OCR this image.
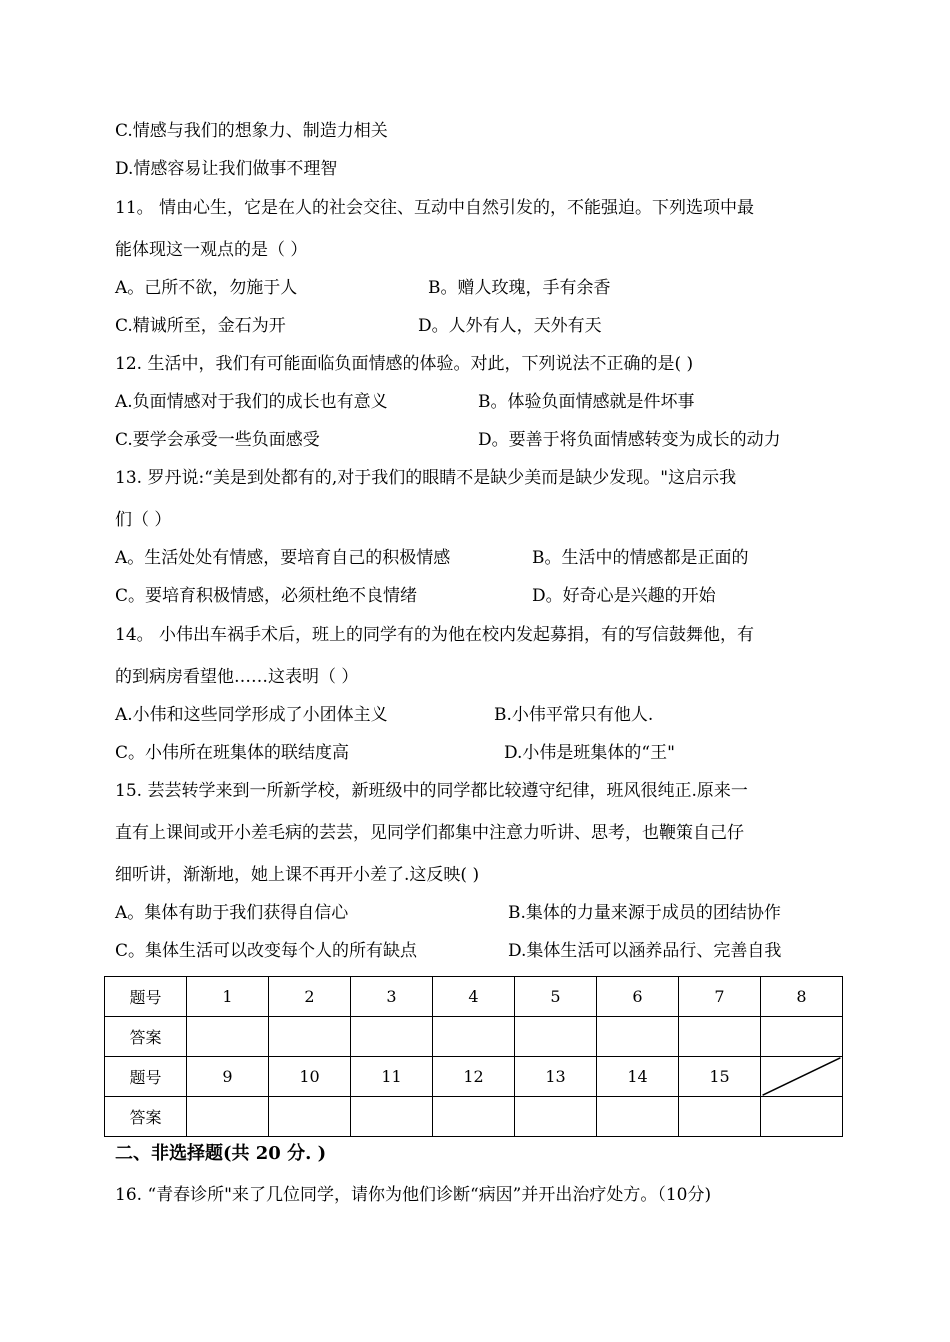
C.情感与我们的想象力、制造力相关
D.情感容易让我们做事不理智
11。 情由心生，它是在人的社会交往、互动中自然引发的，不能强迫。下列选项中最
能体现这一观点的是（ ）
A。己所不欲，勿施于人	B。赠人玫瑰，手有余香
C.精诚所至，金石为开	D。人外有人，天外有天
12. 生活中，我们有可能面临负面情感的体验。对此，下列说法不正确的是( )
A.负面情感对于我们的成长也有意义	B。体验负面情感就是件坏事
C.要学会承受一些负面感受	D。要善于将负面情感转变为成长的动力
13. 罗丹说:“美是到处都有的,对于我们的眼睛不是缺少美而是缺少发现。"这启示我
们（ ）
A。生活处处有情感，要培育自己的积极情感	B。生活中的情感都是正面的
C。要培育积极情感，必须杜绝不良情绪	D。好奇心是兴趣的开始
14。 小伟出车祸手术后，班上的同学有的为他在校内发起募捐，有的写信鼓舞他，有
的到病房看望他……这表明（ ）
A.小伟和这些同学形成了小团体主义	B.小伟平常只有他人.
C。小伟所在班集体的联结度高	D.小伟是班集体的“王"
15. 芸芸转学来到一所新学校，新班级中的同学都比较遵守纪律，班风很纯正.原来一
直有上课间或开小差毛病的芸芸，见同学们都集中注意力听讲、思考，也鞭策自己仔
细听讲，渐渐地，她上课不再开小差了.这反映( )
A。集体有助于我们获得自信心	B.集体的力量来源于成员的团结协作
C。集体生活可以改变每个人的所有缺点	D.集体生活可以涵养品行、完善自我
题号	1	2	3	4	5	6	7	8
答案								
题号	9	10	11	12	13	14	15	

答案								
二、非选择题(共 20 分. )
16. “青春诊所"来了几位同学，请你为他们诊断“病因”并开出治疗处方。（10分)
